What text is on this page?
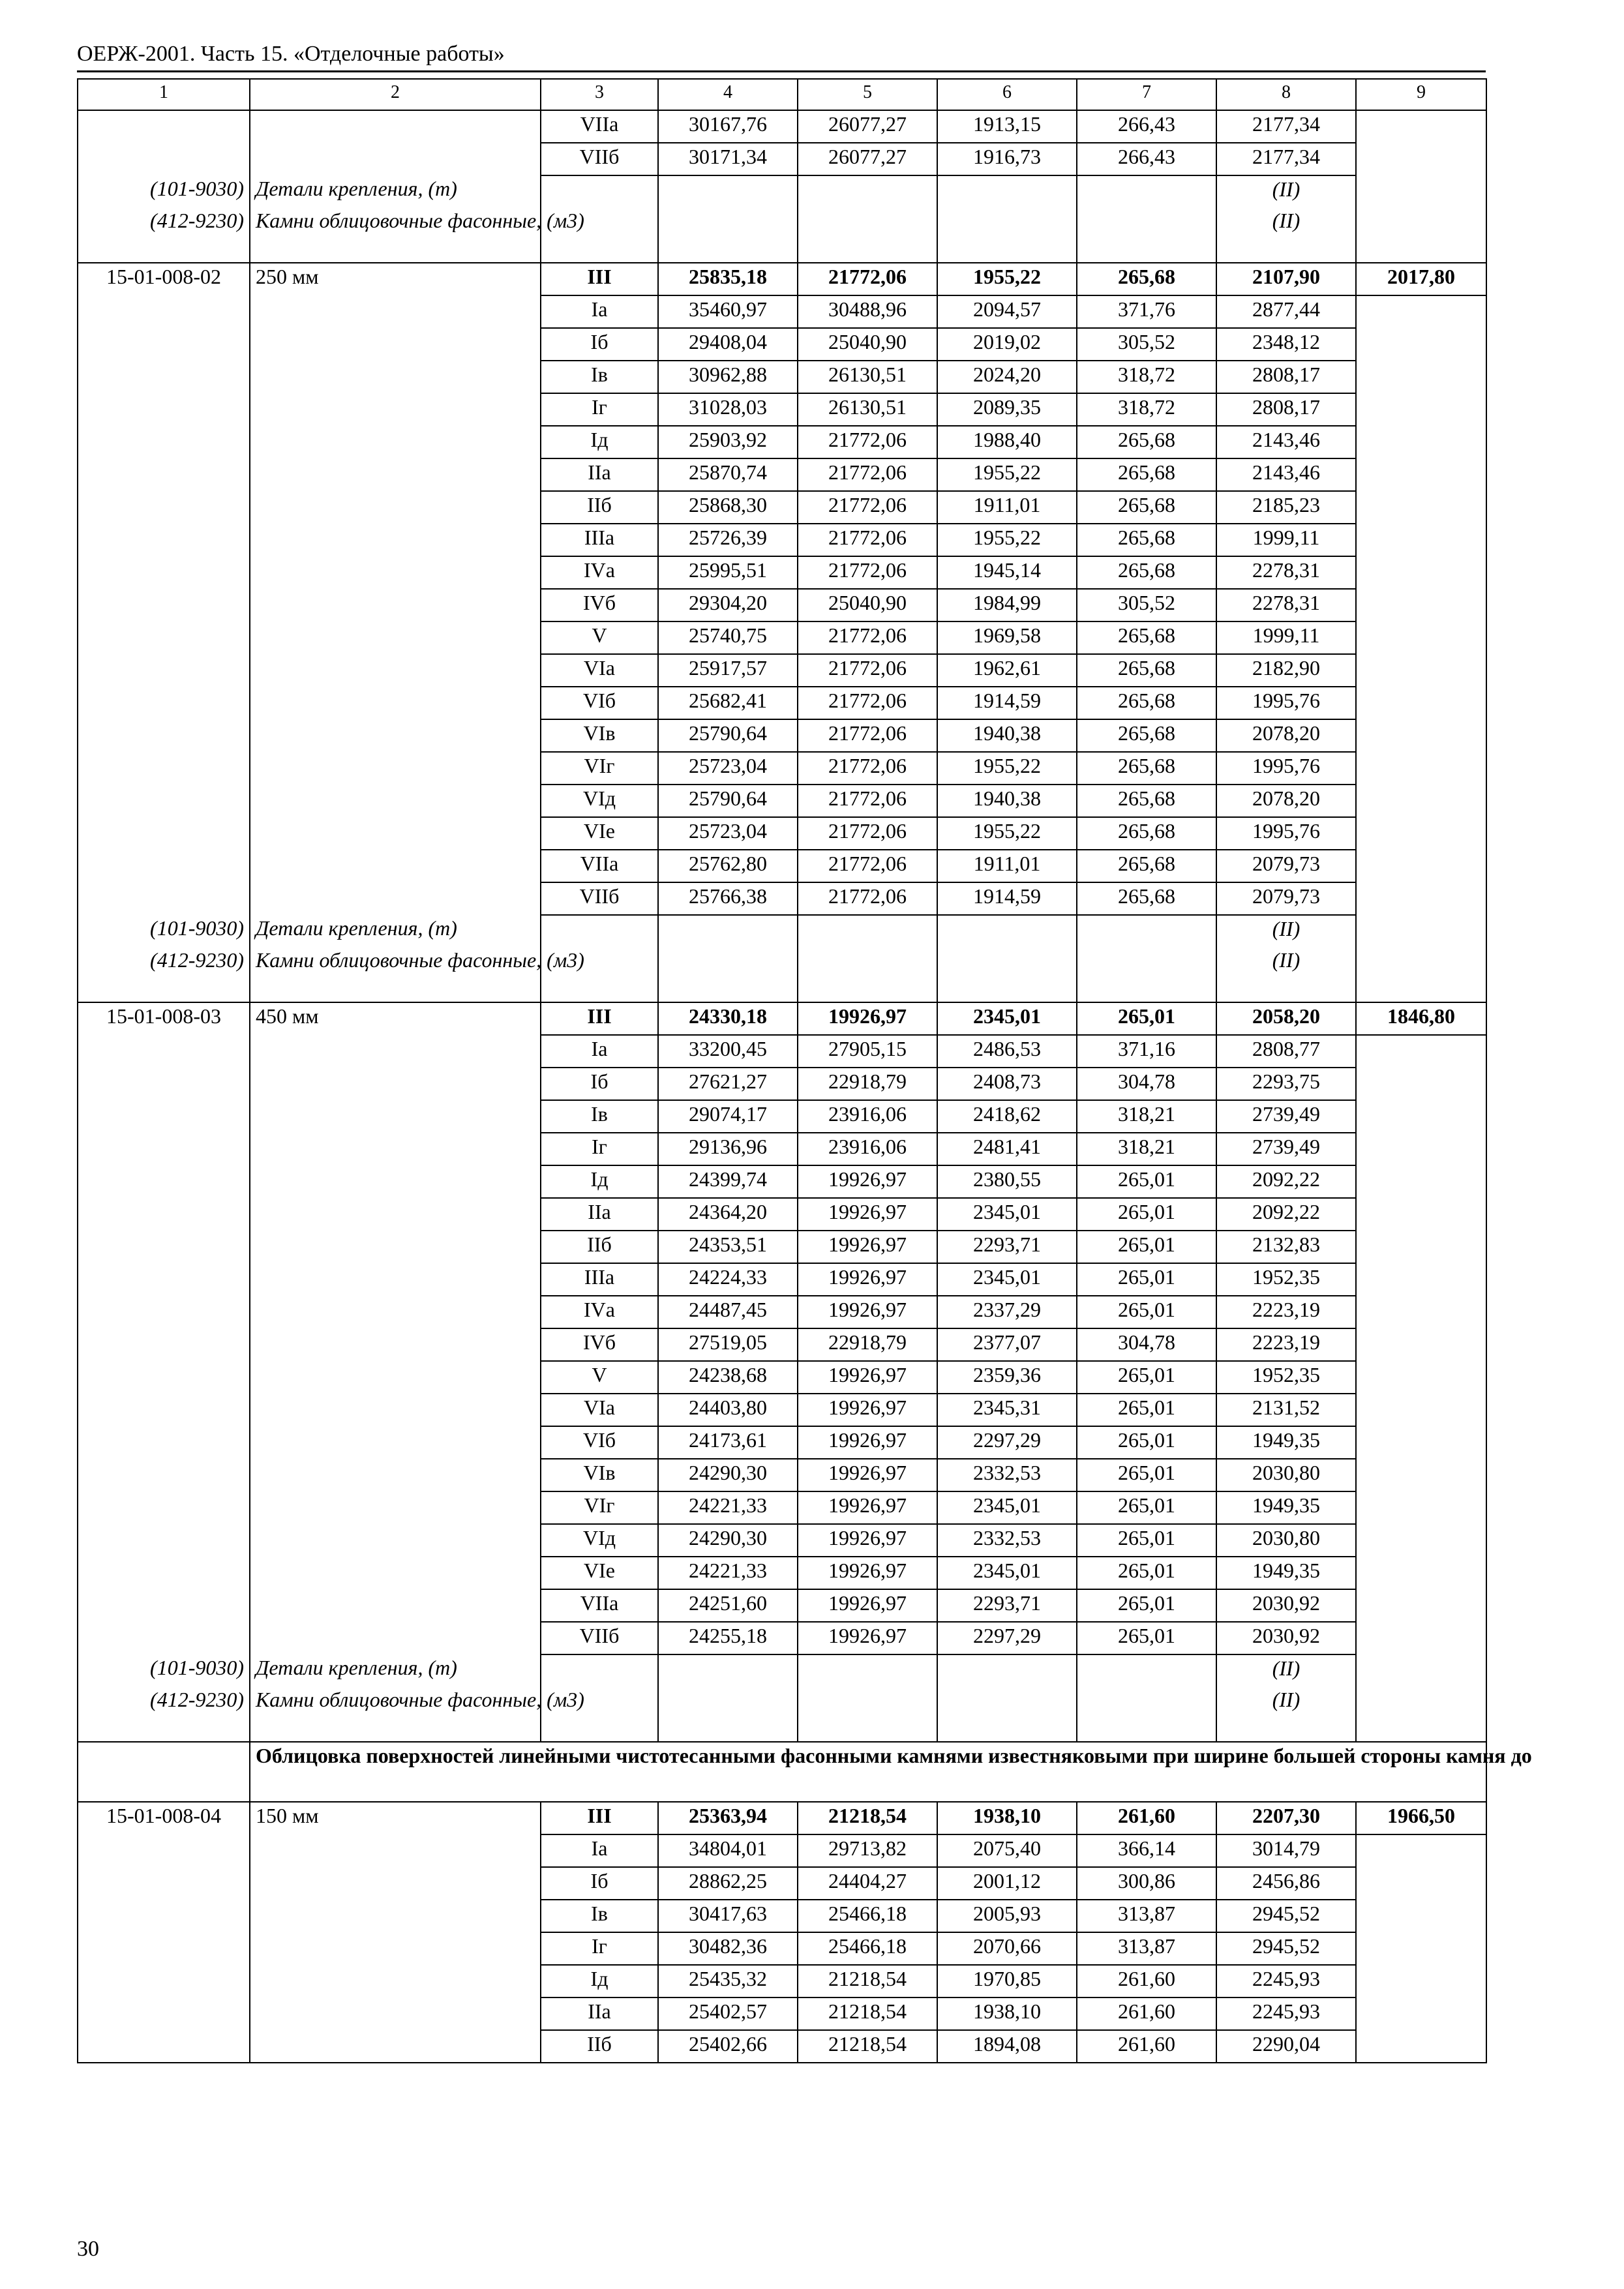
ОЕРЖ-2001. Часть 15. «Отделочные работы»
1	2	3	4	5	6	7	8	9
		VIIа	30167,76	26077,27	1913,15	266,43	2177,34	
		VIIб	30171,34	26077,27	1916,73	266,43	2177,34	
(101-9030)	Детали крепления, (т)						(II)	
(412-9230)	Камни облицовочные фасонные, (м3)						(II)	
15-01-008-02	250 мм	III	25835,18	21772,06	1955,22	265,68	2107,90	2017,80
		Iа	35460,97	30488,96	2094,57	371,76	2877,44	
		Iб	29408,04	25040,90	2019,02	305,52	2348,12	
		Iв	30962,88	26130,51	2024,20	318,72	2808,17	
		Iг	31028,03	26130,51	2089,35	318,72	2808,17	
		Iд	25903,92	21772,06	1988,40	265,68	2143,46	
		IIа	25870,74	21772,06	1955,22	265,68	2143,46	
		IIб	25868,30	21772,06	1911,01	265,68	2185,23	
		IIIа	25726,39	21772,06	1955,22	265,68	1999,11	
		IVа	25995,51	21772,06	1945,14	265,68	2278,31	
		IVб	29304,20	25040,90	1984,99	305,52	2278,31	
		V	25740,75	21772,06	1969,58	265,68	1999,11	
		VIа	25917,57	21772,06	1962,61	265,68	2182,90	
		VIб	25682,41	21772,06	1914,59	265,68	1995,76	
		VIв	25790,64	21772,06	1940,38	265,68	2078,20	
		VIг	25723,04	21772,06	1955,22	265,68	1995,76	
		VIд	25790,64	21772,06	1940,38	265,68	2078,20	
		VIе	25723,04	21772,06	1955,22	265,68	1995,76	
		VIIа	25762,80	21772,06	1911,01	265,68	2079,73	
		VIIб	25766,38	21772,06	1914,59	265,68	2079,73	
(101-9030)	Детали крепления, (т)						(II)	
(412-9230)	Камни облицовочные фасонные, (м3)						(II)	
15-01-008-03	450 мм	III	24330,18	19926,97	2345,01	265,01	2058,20	1846,80
		Iа	33200,45	27905,15	2486,53	371,16	2808,77	
		Iб	27621,27	22918,79	2408,73	304,78	2293,75	
		Iв	29074,17	23916,06	2418,62	318,21	2739,49	
		Iг	29136,96	23916,06	2481,41	318,21	2739,49	
		Iд	24399,74	19926,97	2380,55	265,01	2092,22	
		IIа	24364,20	19926,97	2345,01	265,01	2092,22	
		IIб	24353,51	19926,97	2293,71	265,01	2132,83	
		IIIа	24224,33	19926,97	2345,01	265,01	1952,35	
		IVа	24487,45	19926,97	2337,29	265,01	2223,19	
		IVб	27519,05	22918,79	2377,07	304,78	2223,19	
		V	24238,68	19926,97	2359,36	265,01	1952,35	
		VIа	24403,80	19926,97	2345,31	265,01	2131,52	
		VIб	24173,61	19926,97	2297,29	265,01	1949,35	
		VIв	24290,30	19926,97	2332,53	265,01	2030,80	
		VIг	24221,33	19926,97	2345,01	265,01	1949,35	
		VIд	24290,30	19926,97	2332,53	265,01	2030,80	
		VIе	24221,33	19926,97	2345,01	265,01	1949,35	
		VIIа	24251,60	19926,97	2293,71	265,01	2030,92	
		VIIб	24255,18	19926,97	2297,29	265,01	2030,92	
(101-9030)	Детали крепления, (т)						(II)	
(412-9230)	Камни облицовочные фасонные, (м3)						(II)	
	Облицовка поверхностей линейными чистотесанными фасонными камнями известняковыми при ширине большей стороны камня до							
15-01-008-04	150 мм	III	25363,94	21218,54	1938,10	261,60	2207,30	1966,50
		Iа	34804,01	29713,82	2075,40	366,14	3014,79	
		Iб	28862,25	24404,27	2001,12	300,86	2456,86	
		Iв	30417,63	25466,18	2005,93	313,87	2945,52	
		Iг	30482,36	25466,18	2070,66	313,87	2945,52	
		Iд	25435,32	21218,54	1970,85	261,60	2245,93	
		IIа	25402,57	21218,54	1938,10	261,60	2245,93	
		IIб	25402,66	21218,54	1894,08	261,60	2290,04	
30
